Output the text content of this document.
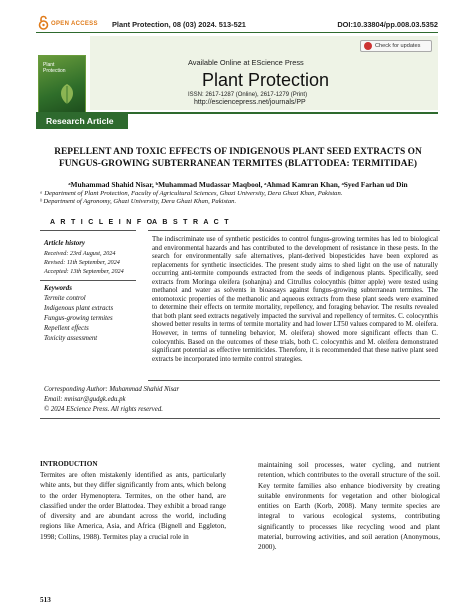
OPEN ACCESS Plant Protection, 08 (03) 2024. 513-521	DOI:10.33804/pp.008.03.5352
Plant
Protection
Check for updates
Available Online at EScience Press
Plant Protection
ISSN: 2617-1287 (Online), 2617-1279 (Print)
http://esciencepress.net/journals/PP
Research Article
REPELLENT AND TOXIC EFFECTS OF INDIGENOUS PLANT SEED EXTRACTS ON
FUNGUS-GROWING SUBTERRANEAN TERMITES (BLATTODEA: TERMITIDAE)
ᵃMuhammad Shahid Nisar, ᵇMuhammad Mudassar Maqbool, ᵃAhmad Kamran Khan, ᵃSyed Farhan ud Din
ᵃ Department of Plant Protection, Faculty of Agricultural Sciences, Ghazi University, Dera Ghazi Khan, Pakistan.
ᵇ Department of Agronomy, Ghazi University, Dera Ghazi Khan, Pakistan.
A R T I C L E I N F O
A B S T R A C T
Article history
Received: 23rd August, 2024
Revised: 11th September, 2024
Accepted: 13th September, 2024
Keywords
Termite control
Indigenous plant extracts
Fungus-growing termites
Repellent effects
Toxicity assessment
The indiscriminate use of synthetic pesticides to control fungus-growing termites has led to biological and environmental hazards and has contributed to the development of resistance in these pests. In the search for environmentally safe alternatives, plant-derived biopesticides have been explored as replacements for synthetic insecticides. The present study aims to shed light on the use of naturally occurring anti-termite compounds extracted from the seeds of indigenous plants. Specifically, seed extracts from Moringa oleifera (sohanjna) and Citrullus colocynthis (bitter apple) were tested using methanol and water as solvents in bioassays against fungus-growing subterranean termites. The entomotoxic properties of the methanolic and aqueous extracts from these plant seeds were examined to determine their effects on termite mortality, repellency, and foraging behavior. The results revealed that both plant seed extracts negatively impacted the survival and repellency of termites. C. colocynthis showed better results in terms of termite mortality and had lower LT50 values compared to M. oleifera. However, in terms of tunneling behavior, M. oleifera) showed more significant effects than C. colocynthis. Based on the outcomes of these trials, both C. colocynthis and M. oleifera demonstrated significant potential as effective termiticides. Therefore, it is recommended that these native plant seed extracts be incorporated into termite control strategies.
Corresponding Author: Muhammad Shahid Nisar
Email: mnisar@gudgk.edu.pk
© 2024 EScience Press. All rights reserved.
INTRODUCTION
Termites are often mistakenly identified as ants, particularly white ants, but they differ significantly from ants, which belong to the order Hymenoptera. Termites, on the other hand, are classified under the order Blattodea. They exhibit a broad range of diversity and are abundant across the world, including regions like America, Asia, and Africa (Bignell and Eggleton, 1998; Collins, 1988). Termites play a crucial role in
maintaining soil processes, water cycling, and nutrient retention, which contributes to the overall structure of the soil. Key termite families also enhance biodiversity by creating suitable environments for vegetation and other biological entities on Earth (Korb, 2008). Many termite species are integral to various ecological systems, contributing significantly to processes like recycling wood and plant material, burrowing activities, and soil aeration (Anonymous, 2000).
513
